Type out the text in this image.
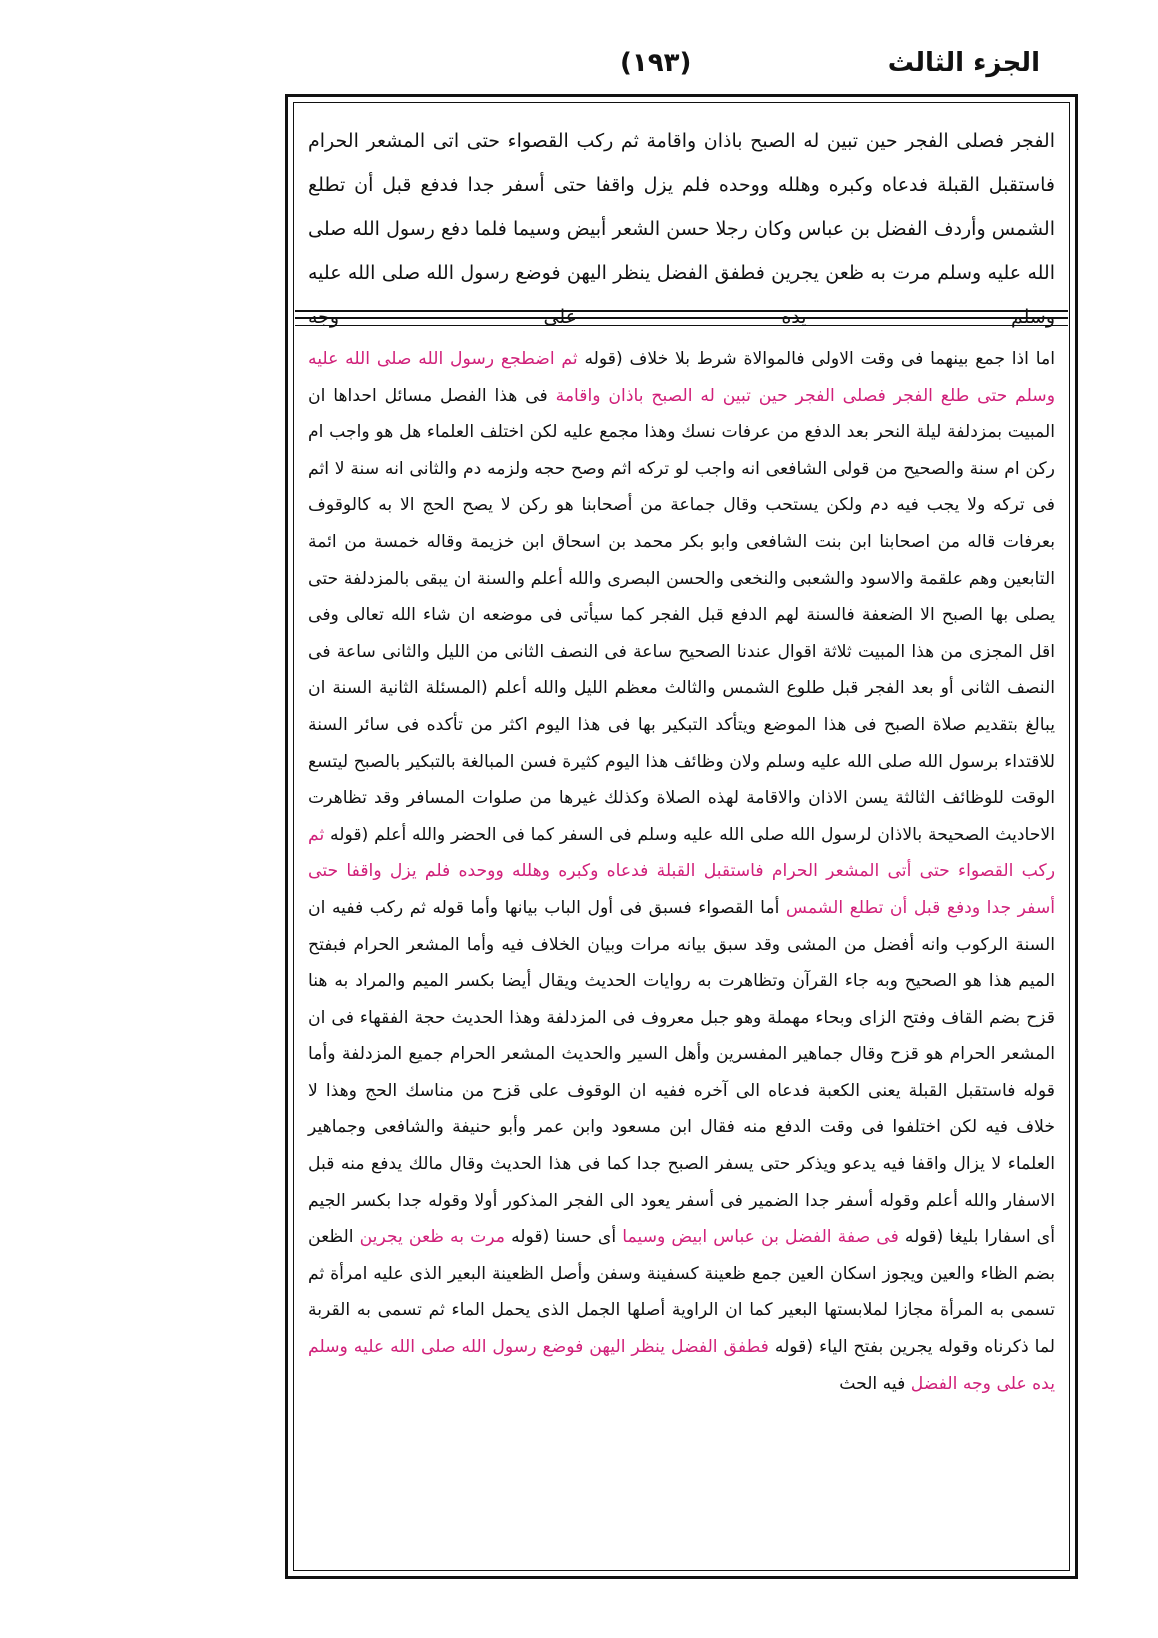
الجزء الثالث
(١٩٣)
الفجر فصلى الفجر حين تبين له الصبح باذان واقامة ثم ركب القصواء حتى اتى المشعر الحرام فاستقبل القبلة فدعاه وكبره وهلله ووحده فلم يزل واقفا حتى أسفر جدا فدفع قبل أن تطلع الشمس وأردف الفضل بن عباس وكان رجلا حسن الشعر أبيض وسيما فلما دفع رسول الله صلى الله عليه وسلم مرت به ظعن يجرين فطفق الفضل ينظر اليهن فوضع رسول الله صلى الله عليه وسلم يده على وجه
اما اذا جمع بينهما فى وقت الاولى فالموالاة شرط بلا خلاف (قوله ثم اضطجع رسول الله صلى الله عليه وسلم حتى طلع الفجر فصلى الفجر حين تبين له الصبح باذان واقامة فى هذا الفصل مسائل احداها ان المبيت بمزدلفة ليلة النحر بعد الدفع من عرفات نسك وهذا مجمع عليه لكن اختلف العلماء هل هو واجب ام ركن ام سنة والصحيح من قولى الشافعى انه واجب لو تركه اثم وصح حجه ولزمه دم والثانى انه سنة لا اثم فى تركه ولا يجب فيه دم ولكن يستحب وقال جماعة من أصحابنا هو ركن لا يصح الحج الا به كالوقوف بعرفات قاله من اصحابنا ابن بنت الشافعى وابو بكر محمد بن اسحاق ابن خزيمة وقاله خمسة من ائمة التابعين وهم علقمة والاسود والشعبى والنخعى والحسن البصرى والله أعلم والسنة ان يبقى بالمزدلفة حتى يصلى بها الصبح الا الضعفة فالسنة لهم الدفع قبل الفجر كما سيأتى فى موضعه ان شاء الله تعالى وفى اقل المجزى من هذا المبيت ثلاثة اقوال عندنا الصحيح ساعة فى النصف الثانى من الليل والثانى ساعة فى النصف الثانى أو بعد الفجر قبل طلوع الشمس والثالث معظم الليل والله أعلم (المسئلة الثانية السنة ان يبالغ بتقديم صلاة الصبح فى هذا الموضع ويتأكد التبكير بها فى هذا اليوم اكثر من تأكده فى سائر السنة للاقتداء برسول الله صلى الله عليه وسلم ولان وظائف هذا اليوم كثيرة فسن المبالغة بالتبكير بالصبح ليتسع الوقت للوظائف الثالثة يسن الاذان والاقامة لهذه الصلاة وكذلك غيرها من صلوات المسافر وقد تظاهرت الاحاديث الصحيحة بالاذان لرسول الله صلى الله عليه وسلم فى السفر كما فى الحضر والله أعلم (قوله ثم ركب القصواء حتى أتى المشعر الحرام فاستقبل القبلة فدعاه وكبره وهلله ووحده فلم يزل واقفا حتى أسفر جدا ودفع قبل أن تطلع الشمس أما القصواء فسبق فى أول الباب بيانها وأما قوله ثم ركب ففيه ان السنة الركوب وانه أفضل من المشى وقد سبق بيانه مرات وبيان الخلاف فيه وأما المشعر الحرام فبفتح الميم هذا هو الصحيح وبه جاء القرآن وتظاهرت به روايات الحديث ويقال أيضا بكسر الميم والمراد به هنا قزح بضم القاف وفتح الزاى وبحاء مهملة وهو جبل معروف فى المزدلفة وهذا الحديث حجة الفقهاء فى ان المشعر الحرام هو قزح وقال جماهير المفسرين وأهل السير والحديث المشعر الحرام جميع المزدلفة وأما قوله فاستقبل القبلة يعنى الكعبة فدعاه الى آخره ففيه ان الوقوف على قزح من مناسك الحج وهذا لا خلاف فيه لكن اختلفوا فى وقت الدفع منه فقال ابن مسعود وابن عمر وأبو حنيفة والشافعى وجماهير العلماء لا يزال واقفا فيه يدعو ويذكر حتى يسفر الصبح جدا كما فى هذا الحديث وقال مالك يدفع منه قبل الاسفار والله أعلم وقوله أسفر جدا الضمير فى أسفر يعود الى الفجر المذكور أولا وقوله جدا بكسر الجيم أى اسفارا بليغا (قوله فى صفة الفضل بن عباس ابيض وسيما أى حسنا (قوله مرت به ظعن يجرين الظعن بضم الظاء والعين ويجوز اسكان العين جمع ظعينة كسفينة وسفن وأصل الظعينة البعير الذى عليه امرأة ثم تسمى به المرأة مجازا لملابستها البعير كما ان الراوية أصلها الجمل الذى يحمل الماء ثم تسمى به القربة لما ذكرناه وقوله يجرين بفتح الياء (قوله فطفق الفضل ينظر اليهن فوضع رسول الله صلى الله عليه وسلم يده على وجه الفضل فيه الحث
